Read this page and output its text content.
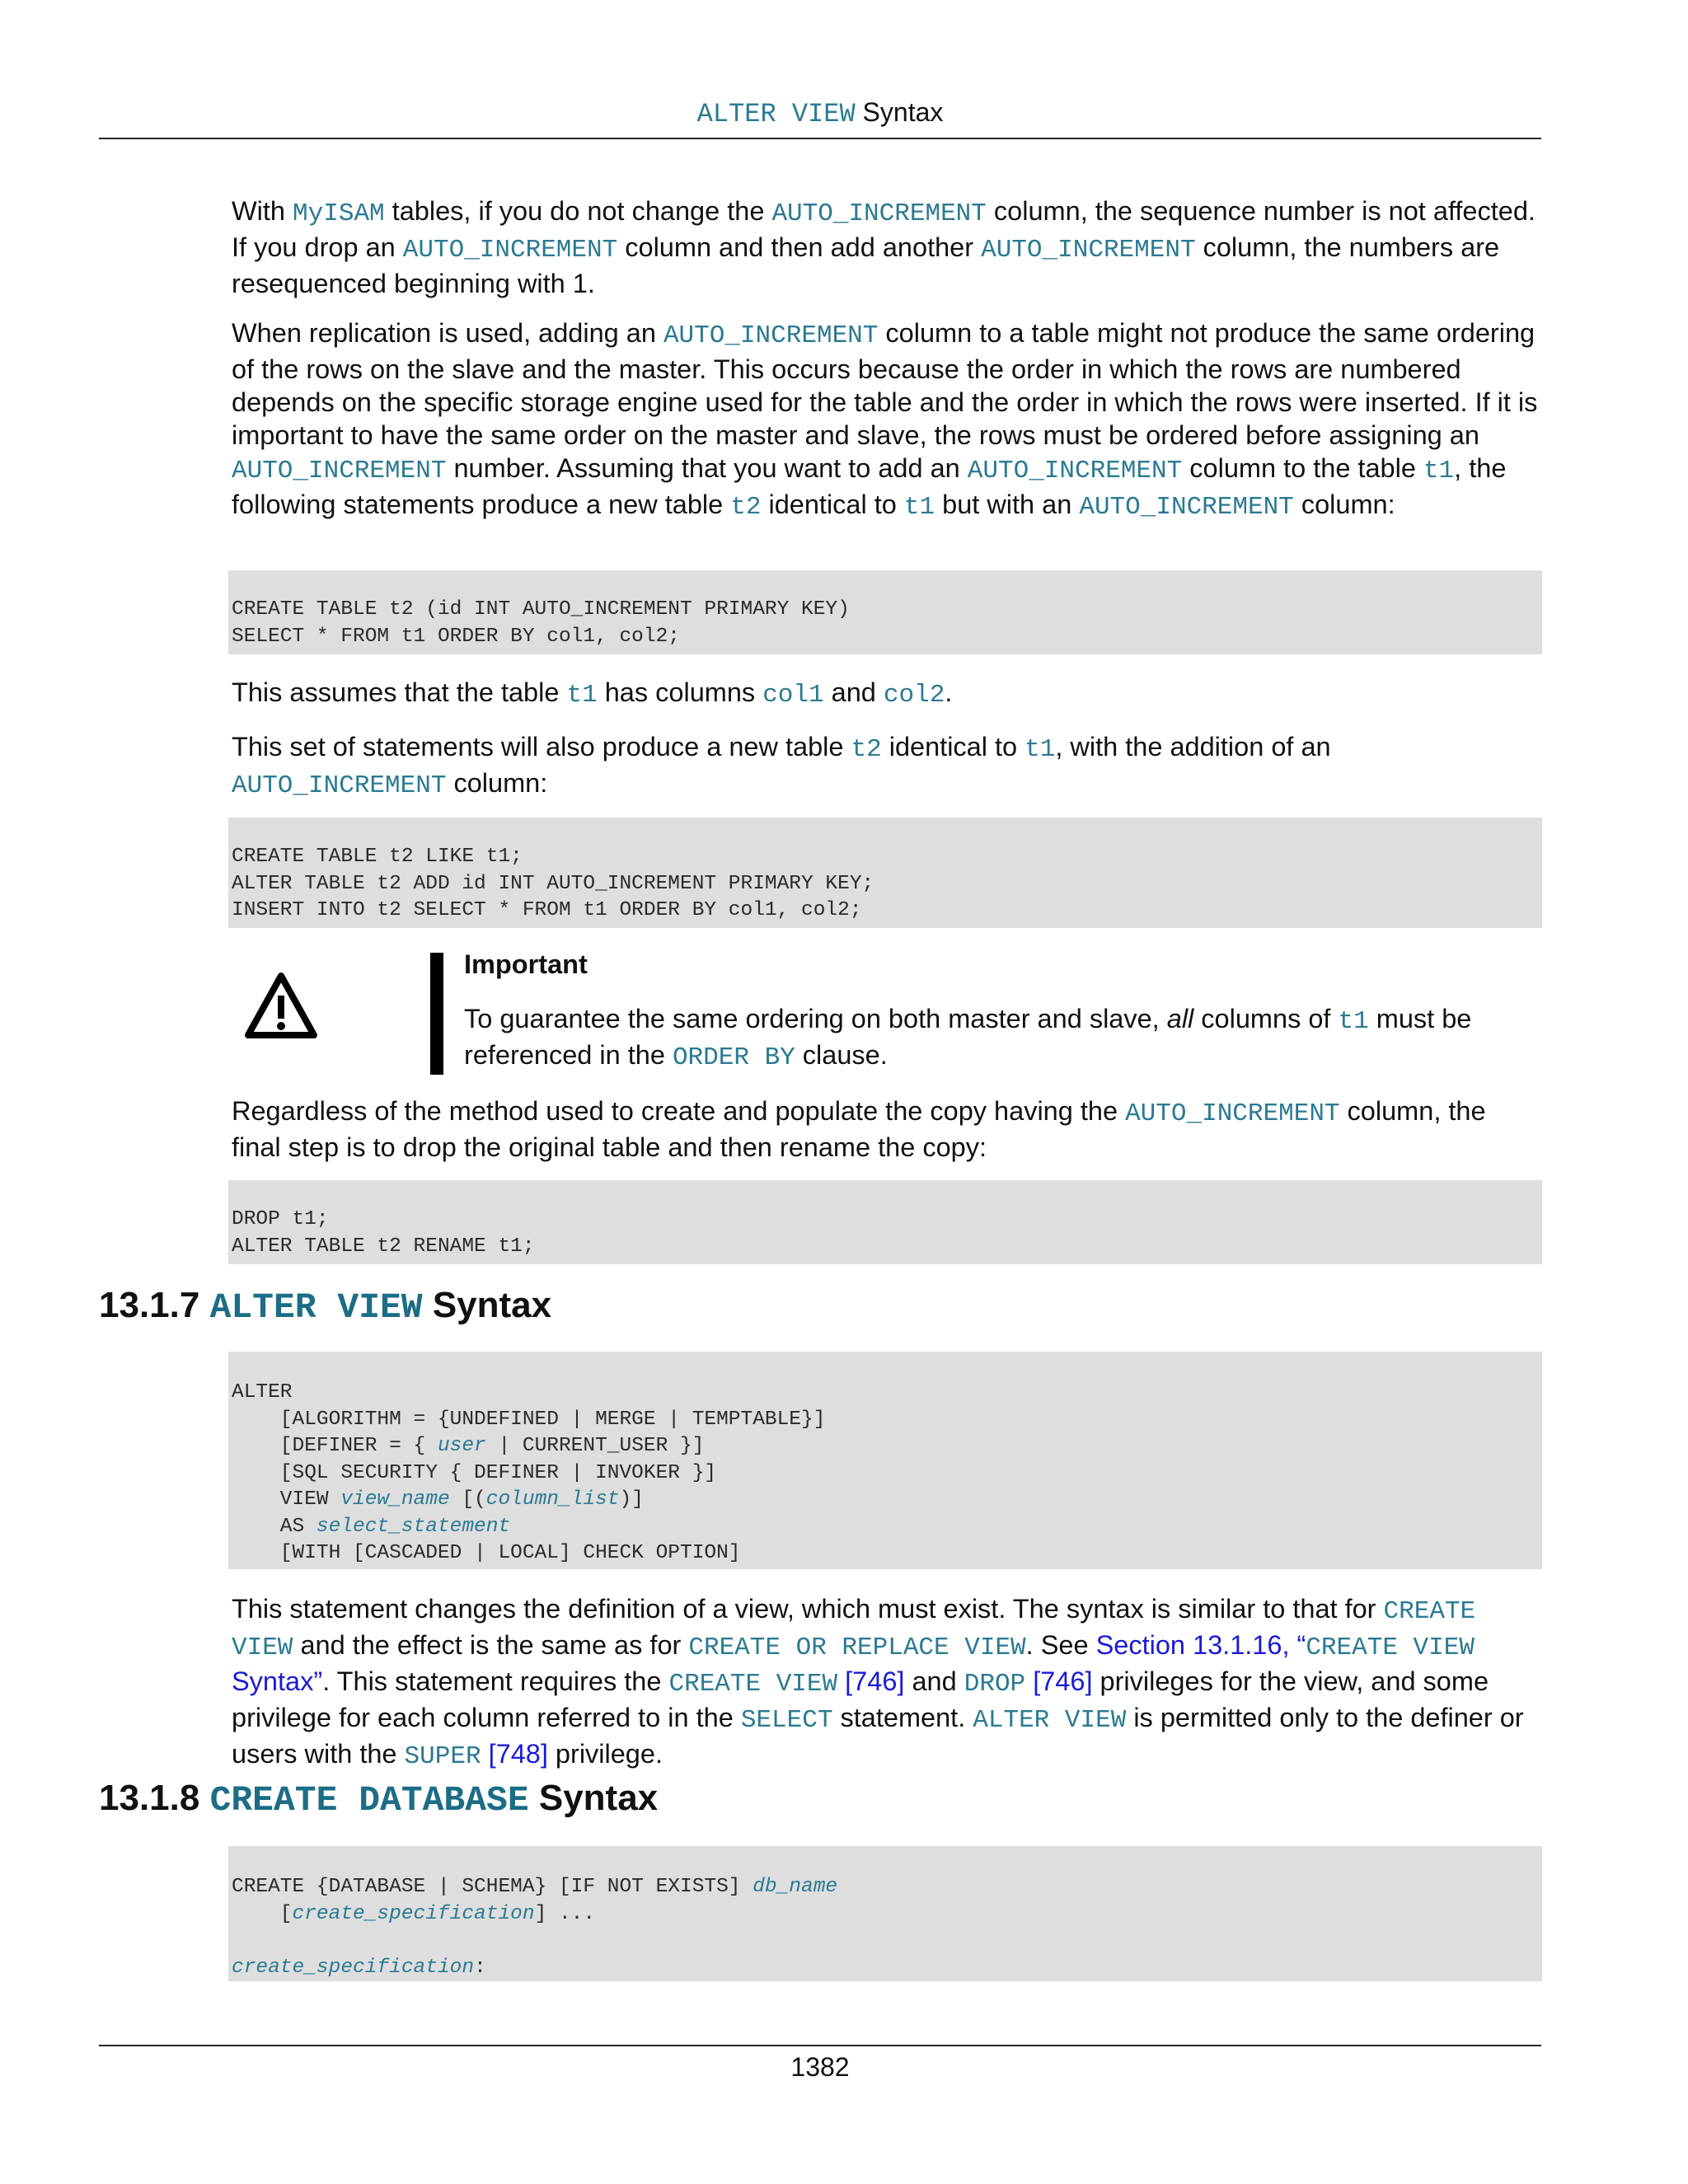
ALTER VIEW Syntax

With MyISAM tables, if you do not change the AUTO_INCREMENT column, the sequence number is not affected. If you drop an AUTO_INCREMENT column and then add another AUTO_INCREMENT column, the numbers are resequenced beginning with 1.

When replication is used, adding an AUTO_INCREMENT column to a table might not produce the same ordering of the rows on the slave and the master. This occurs because the order in which the rows are numbered depends on the specific storage engine used for the table and the order in which the rows were inserted. If it is important to have the same order on the master and slave, the rows must be ordered before assigning an AUTO_INCREMENT number. Assuming that you want to add an AUTO_INCREMENT column to the table t1, the following statements produce a new table t2 identical to t1 but with an AUTO_INCREMENT column:

CREATE TABLE t2 (id INT AUTO_INCREMENT PRIMARY KEY)
SELECT * FROM t1 ORDER BY col1, col2;

This assumes that the table t1 has columns col1 and col2.

This set of statements will also produce a new table t2 identical to t1, with the addition of an AUTO_INCREMENT column:

CREATE TABLE t2 LIKE t1;
ALTER TABLE t2 ADD id INT AUTO_INCREMENT PRIMARY KEY;
INSERT INTO t2 SELECT * FROM t1 ORDER BY col1, col2;
Important
To guarantee the same ordering on both master and slave, all columns of t1 must be referenced in the ORDER BY clause.

Regardless of the method used to create and populate the copy having the AUTO_INCREMENT column, the final step is to drop the original table and then rename the copy:

DROP t1;
ALTER TABLE t2 RENAME t1;
13.1.7 ALTER VIEW Syntax
ALTER
[ALGORITHM = {UNDEFINED | MERGE | TEMPTABLE}]
[DEFINER = { user | CURRENT_USER }]
[SQL SECURITY { DEFINER | INVOKER }]
VIEW view_name [(column_list)]
AS select_statement
[WITH [CASCADED | LOCAL] CHECK OPTION]

This statement changes the definition of a view, which must exist. The syntax is similar to that for CREATE VIEW and the effect is the same as for CREATE OR REPLACE VIEW. See Section 13.1.16, “CREATE VIEW Syntax”. This statement requires the CREATE VIEW [746] and DROP [746] privileges for the view, and some privilege for each column referred to in the SELECT statement. ALTER VIEW is permitted only to the definer or users with the SUPER [748] privilege.

13.1.8 CREATE DATABASE Syntax
CREATE {DATABASE | SCHEMA} [IF NOT EXISTS] db_name
[create_specification] ...
create_specification:
1382
